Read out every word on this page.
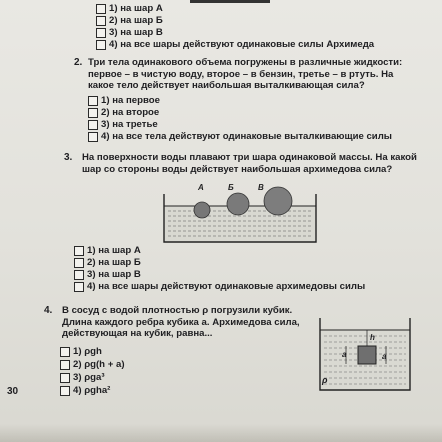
1) на шар А
2) на шар Б
3) на шар В
4) на все шары действуют одинаковые силы Архимеда
2. Три тела одинакового объема погружены в различные жидкости: первое – в чистую воду, второе – в бензин, третье – в ртуть. На какое тело действует наибольшая выталкивающая сила?
1) на первое
2) на второе
3) на третье
4) на все тела действуют одинаковые выталкивающие силы
3. На поверхности воды плавают три шара одинаковой массы. На какой шар со стороны воды действует наибольшая архимедова сила?
А	Б	В
1) на шар А
2) на шар Б
3) на шар В
4) на все шары действуют одинаковые архимедовы силы
4. В сосуд с водой плотностью ρ погрузили кубик. Длина каждого ребра кубика a. Архимедова сила, действующая на кубик, равна...
1) ρgh
2) ρg(h + a)
3) ρga³
4) ρgha²
h
a	a
ρ
30
